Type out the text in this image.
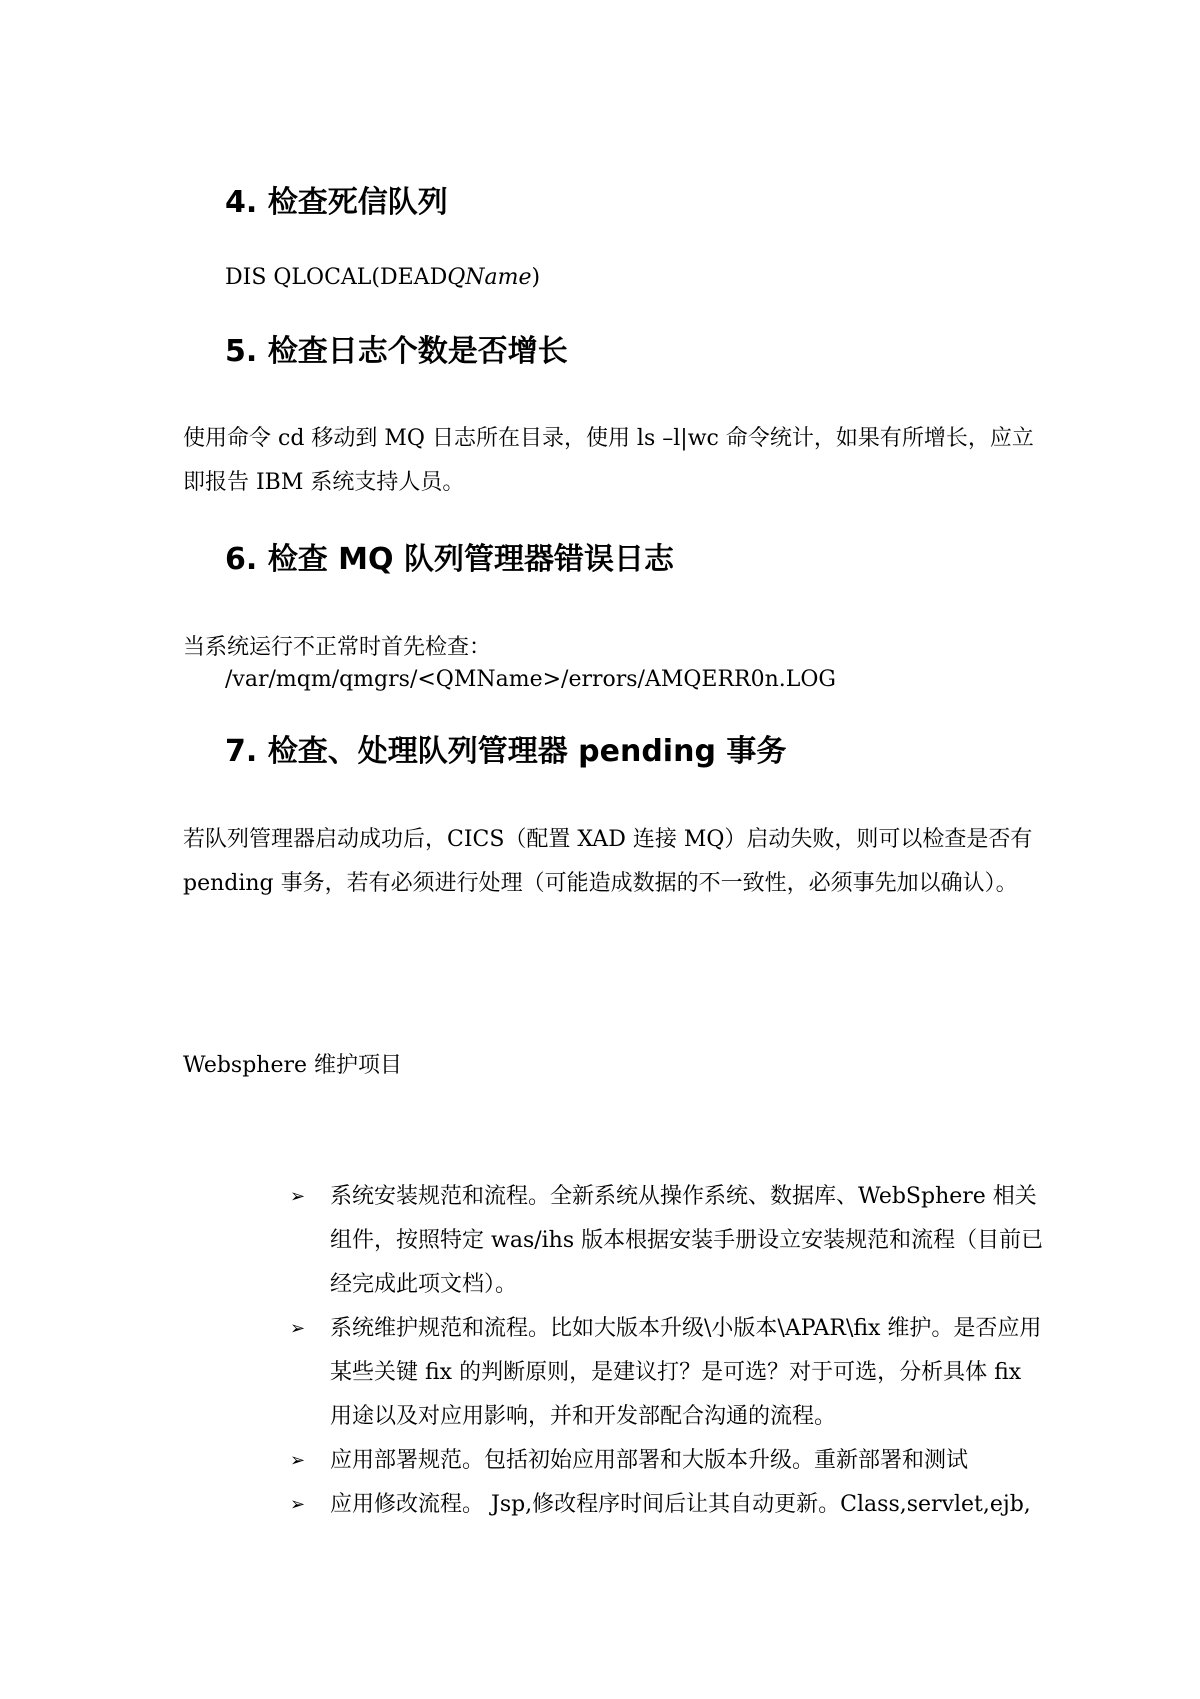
4. 检查死信队列

DIS QLOCAL(DEADQName)

5. 检查日志个数是否增长

使用命令 cd 移动到 MQ 日志所在目录，使用 ls –l|wc 命令统计，如果有所增长，应立即报告 IBM 系统支持人员。

6. 检查 MQ 队列管理器错误日志

当系统运行不正常时首先检查：

/var/mqm/qmgrs/<QMName>/errors/AMQERR0n.LOG

7. 检查、处理队列管理器 pending 事务

若队列管理器启动成功后，CICS（配置 XAD 连接 MQ）启动失败，则可以检查是否有 pending 事务，若有必须进行处理（可能造成数据的不一致性，必须事先加以确认）。

Websphere 维护项目

➢ 系统安装规范和流程。全新系统从操作系统、数据库、WebSphere 相关组件，按照特定 was/ihs 版本根据安装手册设立安装规范和流程（目前已经完成此项文档）。
➢ 系统维护规范和流程。比如大版本升级\小版本\APAR\fix 维护。是否应用某些关键 fix 的判断原则，是建议打？是可选？对于可选，分析具体 fix 用途以及对应用影响，并和开发部配合沟通的流程。
➢ 应用部署规范。包括初始应用部署和大版本升级。重新部署和测试
➢ 应用修改流程。 Jsp,修改程序时间后让其自动更新。Class,servlet,ejb,
